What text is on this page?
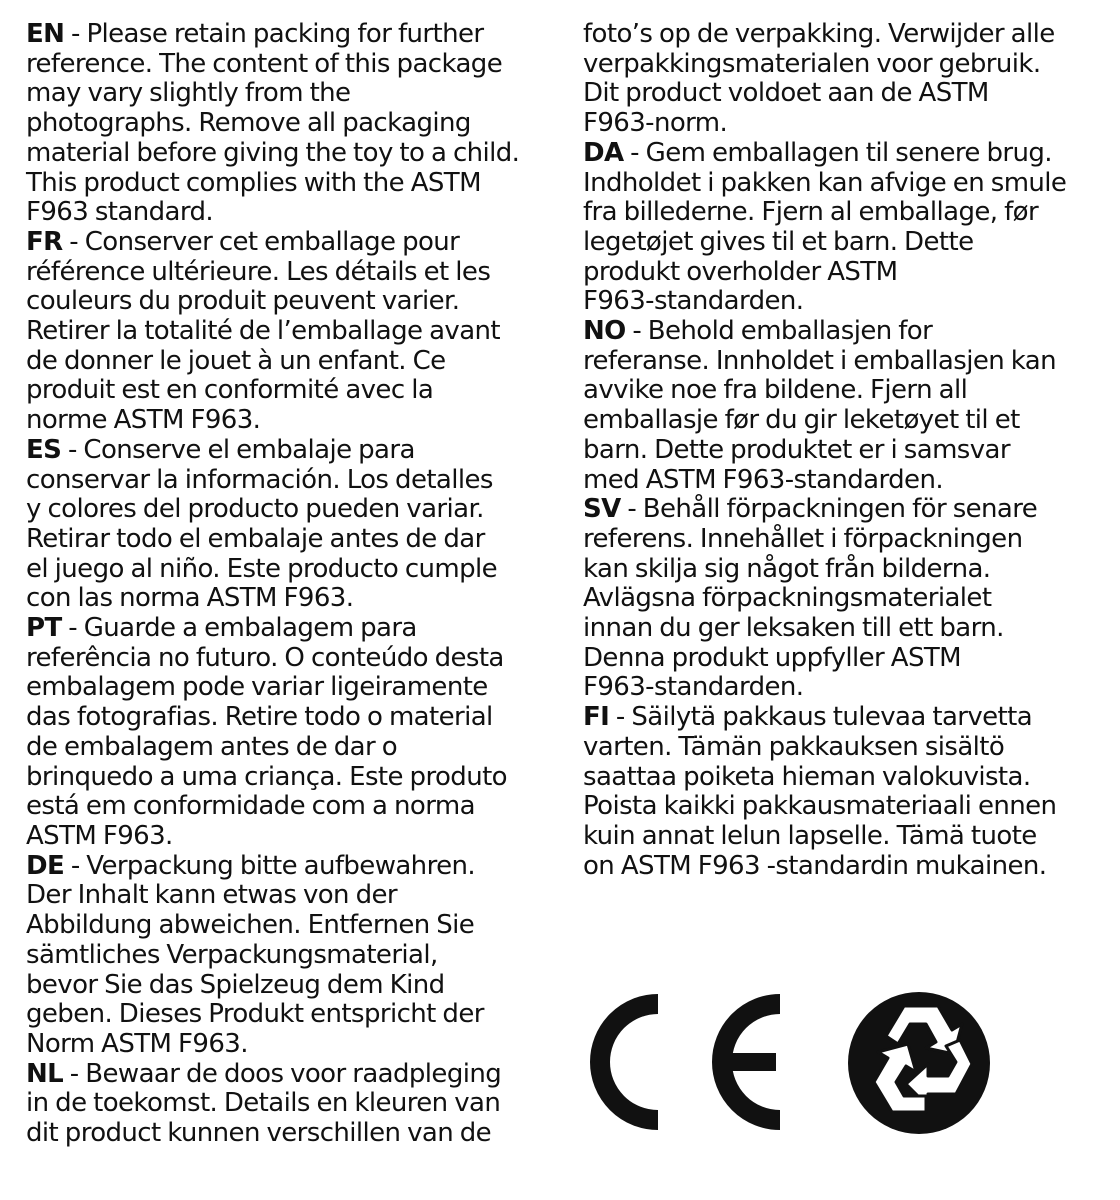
EN - Please retain packing for further
reference. The content of this package
may vary slightly from the
photographs. Remove all packaging
material before giving the toy to a child.
This product complies with the ASTM
F963 standard.
FR - Conserver cet emballage pour
référence ultérieure. Les détails et les
couleurs du produit peuvent varier.
Retirer la totalité de l’emballage avant
de donner le jouet à un enfant. Ce
produit est en conformité avec la
norme ASTM F963.
ES - Conserve el embalaje para
conservar la información. Los detalles
y colores del producto pueden variar.
Retirar todo el embalaje antes de dar
el juego al niño. Este producto cumple
con las norma ASTM F963.
PT - Guarde a embalagem para
referência no futuro. O conteúdo desta
embalagem pode variar ligeiramente
das fotografias. Retire todo o material
de embalagem antes de dar o
brinquedo a uma criança. Este produto
está em conformidade com a norma
ASTM F963.
DE - Verpackung bitte aufbewahren.
Der Inhalt kann etwas von der
Abbildung abweichen. Entfernen Sie
sämtliches Verpackungsmaterial,
bevor Sie das Spielzeug dem Kind
geben. Dieses Produkt entspricht der
Norm ASTM F963.
NL - Bewaar de doos voor raadpleging
in de toekomst. Details en kleuren van
dit product kunnen verschillen van de
foto’s op de verpakking. Verwijder alle
verpakkingsmaterialen voor gebruik.
Dit product voldoet aan de ASTM
F963-norm.
DA - Gem emballagen til senere brug.
Indholdet i pakken kan afvige en smule
fra billederne. Fjern al emballage, før
legetøjet gives til et barn. Dette
produkt overholder ASTM
F963-standarden.
NO - Behold emballasjen for
referanse. Innholdet i emballasjen kan
avvike noe fra bildene. Fjern all
emballasje før du gir leketøyet til et
barn. Dette produktet er i samsvar
med ASTM F963-standarden.
SV - Behåll förpackningen för senare
referens. Innehållet i förpackningen
kan skilja sig något från bilderna.
Avlägsna förpackningsmaterialet
innan du ger leksaken till ett barn.
Denna produkt uppfyller ASTM
F963-standarden.
FI - Säilytä pakkaus tulevaa tarvetta
varten. Tämän pakkauksen sisältö
saattaa poiketa hieman valokuvista.
Poista kaikki pakkausmateriaali ennen
kuin annat lelun lapselle. Tämä tuote
on ASTM F963 -standardin mukainen.
